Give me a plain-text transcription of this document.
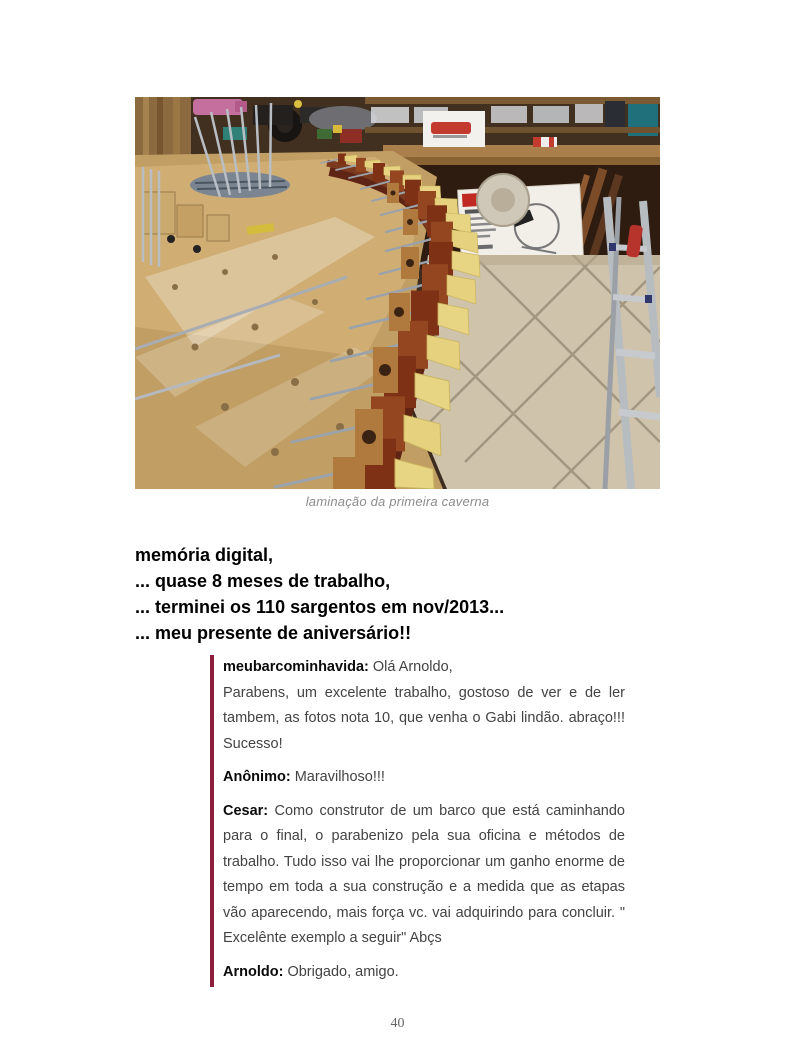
laminação da primeira caverna
memória digital,
... quase 8 meses de trabalho,
... terminei os 110 sargentos em nov/2013...
... meu presente de aniversário!!

meubarcominhavida: Olá Arnoldo,
Parabens, um excelente trabalho, gostoso de ver e de ler tambem, as fotos nota 10, que venha o Gabi lindão. abraço!!! Sucesso!

Anônimo: Maravilhoso!!!

Cesar: Como construtor de um barco que está caminhando para o final, o parabenizo pela sua oficina e métodos de trabalho. Tudo isso vai lhe proporcionar um ganho enorme de tempo em toda a sua construção e a medida que as etapas vão aparecendo, mais força vc. vai adquirindo para concluir. " Excelênte exemplo a seguir" Abçs

Arnoldo: Obrigado, amigo.

40
